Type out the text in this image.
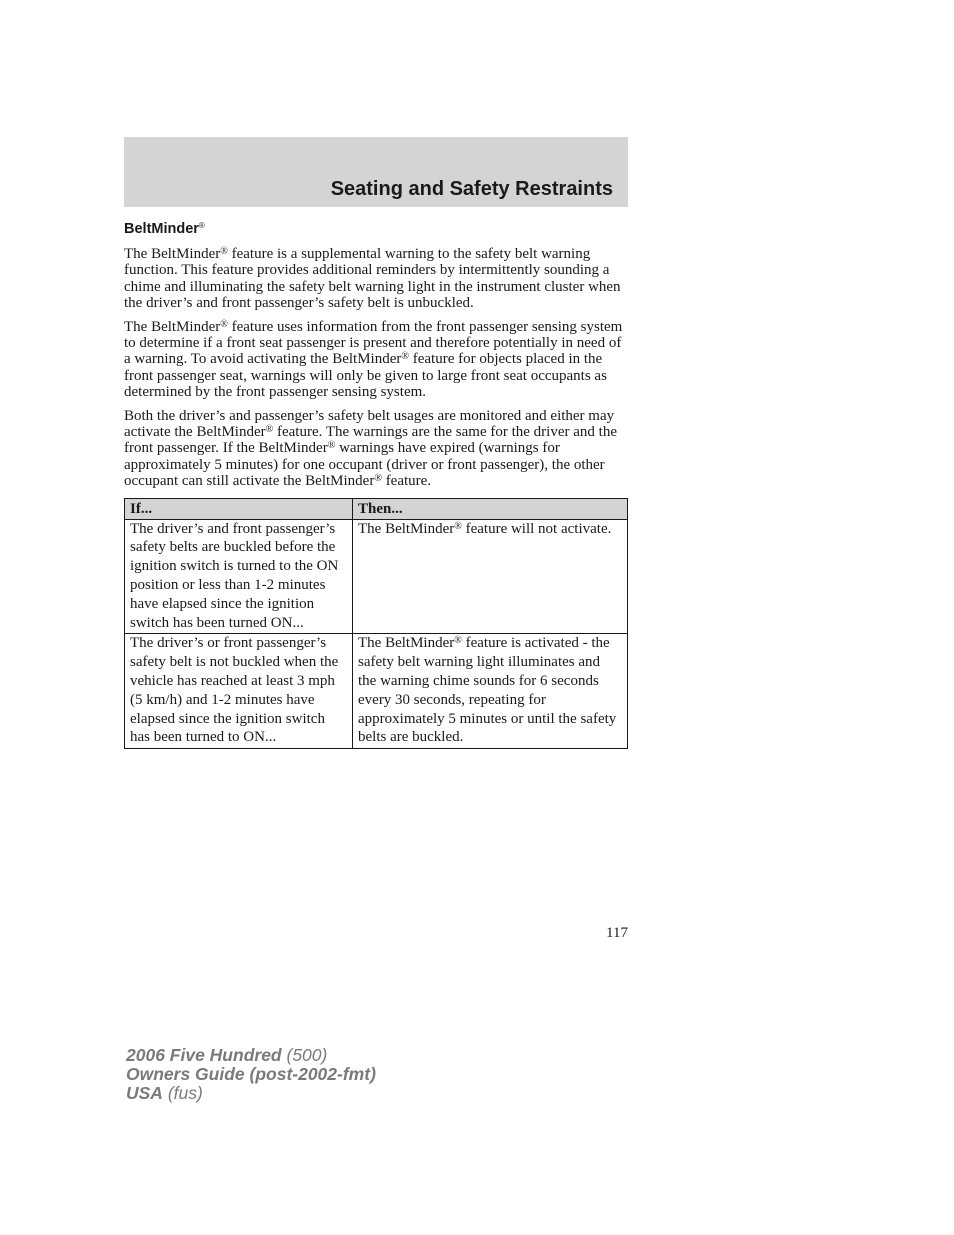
Seating and Safety Restraints
BeltMinder®

The BeltMinder® feature is a supplemental warning to the safety belt warning function. This feature provides additional reminders by intermittently sounding a chime and illuminating the safety belt warning light in the instrument cluster when the driver’s and front passenger’s safety belt is unbuckled.

The BeltMinder® feature uses information from the front passenger sensing system to determine if a front seat passenger is present and therefore potentially in need of a warning. To avoid activating the BeltMinder® feature for objects placed in the front passenger seat, warnings will only be given to large front seat occupants as determined by the front passenger sensing system.

Both the driver’s and passenger’s safety belt usages are monitored and either may activate the BeltMinder® feature. The warnings are the same for the driver and the front passenger. If the BeltMinder® warnings have expired (warnings for approximately 5 minutes) for one occupant (driver or front passenger), the other occupant can still activate the BeltMinder® feature.

If...	Then...
The driver’s and front passenger’s safety belts are buckled before the ignition switch is turned to the ON position or less than 1-2 minutes have elapsed since the ignition switch has been turned ON...	The BeltMinder® feature will not activate.
The driver’s or front passenger’s safety belt is not buckled when the vehicle has reached at least 3 mph (5 km/h) and 1-2 minutes have elapsed since the ignition switch has been turned to ON...	The BeltMinder® feature is activated - the safety belt warning light illuminates and the warning chime sounds for 6 seconds every 30 seconds, repeating for approximately 5 minutes or until the safety belts are buckled.
117
2006 Five Hundred (500)
Owners Guide (post-2002-fmt)
USA (fus)
